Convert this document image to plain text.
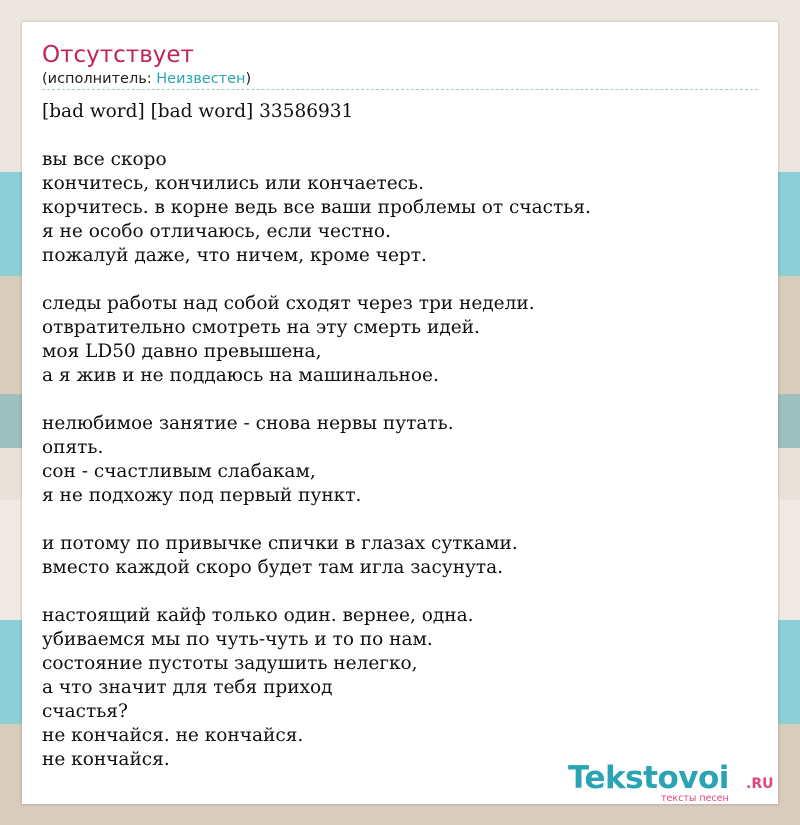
Отсутствует
(исполнитель: Неизвестен)
[bad word] [bad word] 33586931
вы все скоро
кончитесь, кончились или кончаетесь.
корчитесь. в корне ведь все ваши проблемы от счастья.
я не особо отличаюсь, если честно.
пожалуй даже, что ничем, кроме черт.
следы работы над собой сходят через три недели.
отвратительно смотреть на эту смерть идей.
моя LD50 давно превышена,
а я жив и не поддаюсь на машинальное.
нелюбимое занятие - снова нервы путать.
опять.
сон - счастливым слабакам,
я не подхожу под первый пункт.
и потому по привычке спички в глазах сутками.
вместо каждой скоро будет там игла засунута.
настоящий кайф только один. вернее, одна.
убиваемся мы по чуть-чуть и то по нам.
состояние пустоты задушить нелегко,
а что значит для тебя приход
счастья?
не кончайся. не кончайся.
не кончайся.
Tekstovoi .RU
тексты песен
